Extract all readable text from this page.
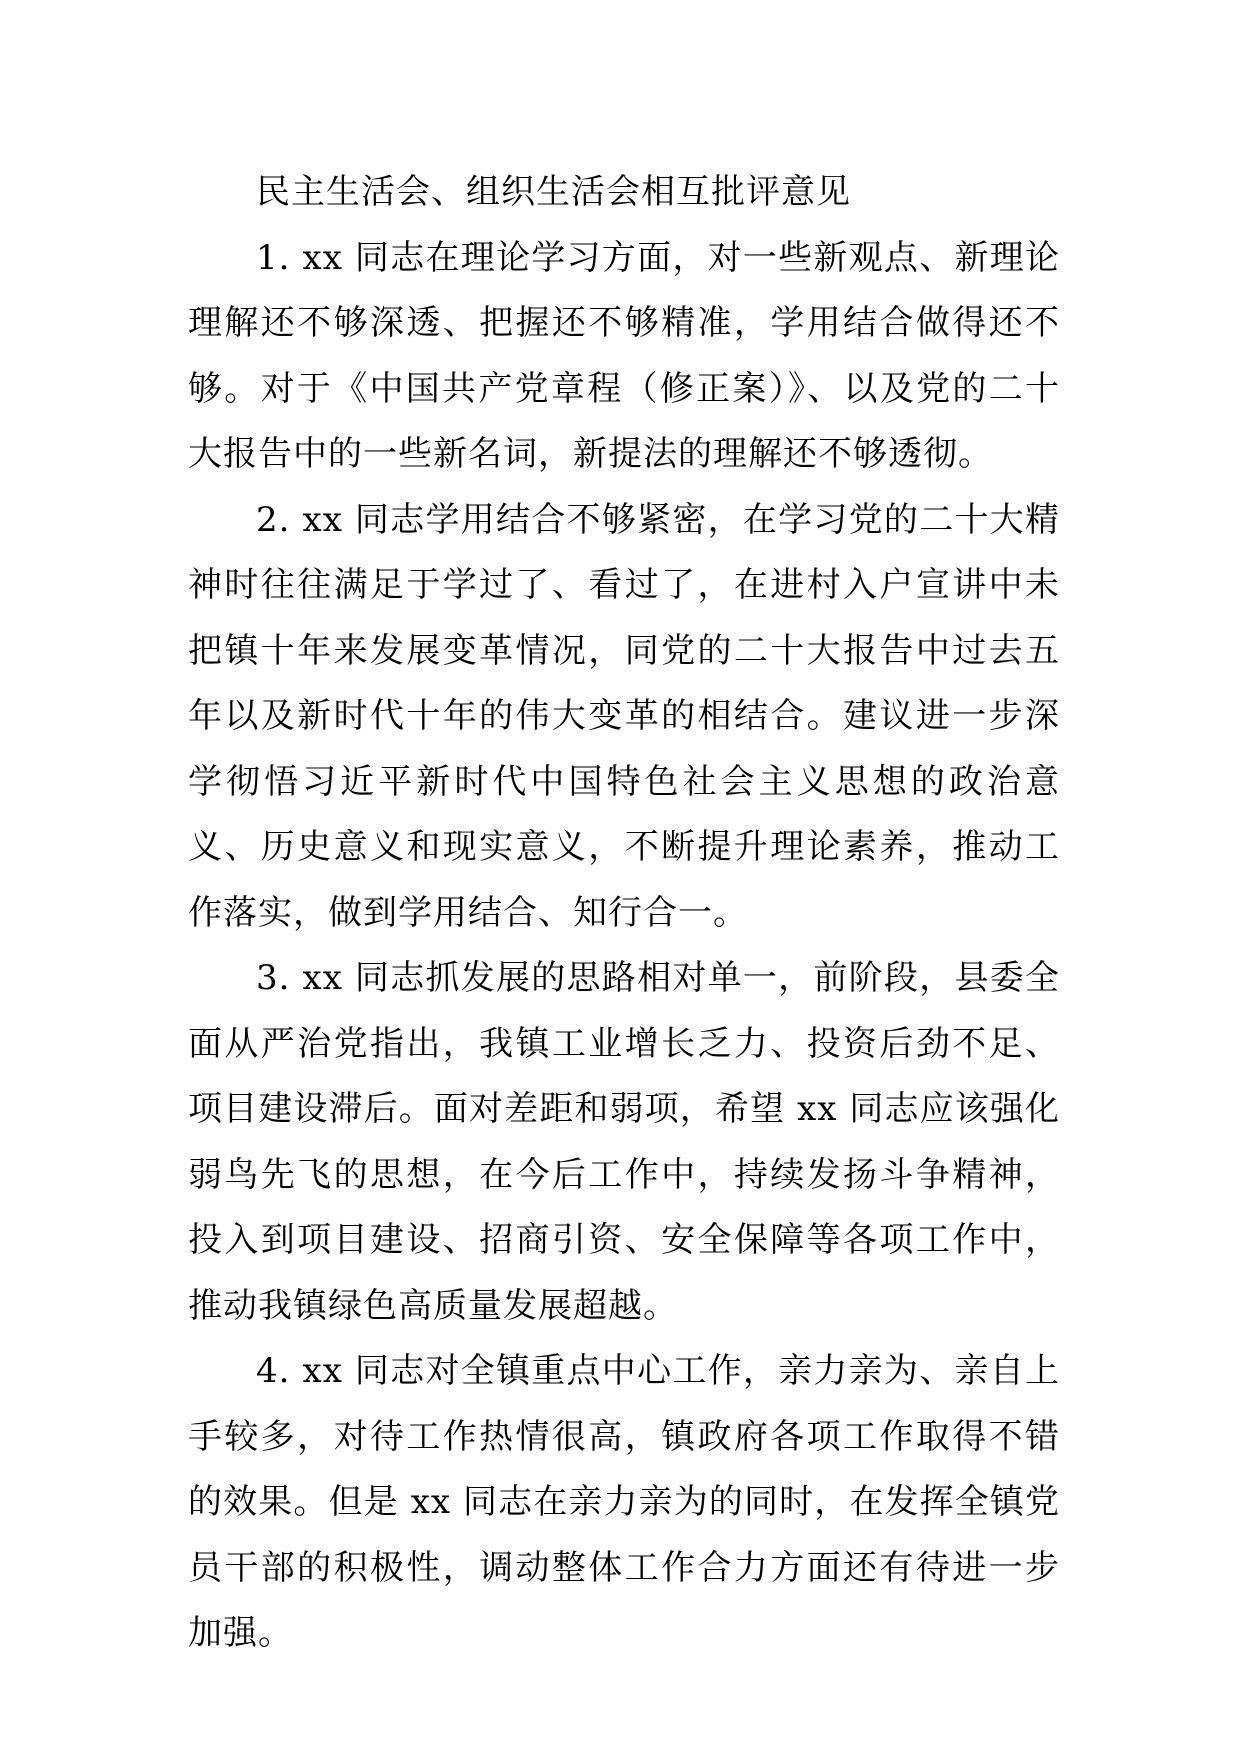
民主生活会、组织生活会相互批评意见

1. xx 同志在理论学习方面，对一些新观点、新理论理解还不够深透、把握还不够精准，学用结合做得还不够。对于《中国共产党章程（修正案）》、以及党的二十大报告中的一些新名词，新提法的理解还不够透彻。

2. xx 同志学用结合不够紧密，在学习党的二十大精神时往往满足于学过了、看过了，在进村入户宣讲中未把镇十年来发展变革情况，同党的二十大报告中过去五年以及新时代十年的伟大变革的相结合。建议进一步深学彻悟习近平新时代中国特色社会主义思想的政治意义、历史意义和现实意义，不断提升理论素养，推动工作落实，做到学用结合、知行合一。

3. xx 同志抓发展的思路相对单一，前阶段，县委全面从严治党指出，我镇工业增长乏力、投资后劲不足、项目建设滞后。面对差距和弱项，希望 xx 同志应该强化弱鸟先飞的思想，在今后工作中，持续发扬斗争精神，投入到项目建设、招商引资、安全保障等各项工作中，推动我镇绿色高质量发展超越。

4. xx 同志对全镇重点中心工作，亲力亲为、亲自上手较多，对待工作热情很高，镇政府各项工作取得不错的效果。但是 xx 同志在亲力亲为的同时，在发挥全镇党员干部的积极性，调动整体工作合力方面还有待进一步加强。
